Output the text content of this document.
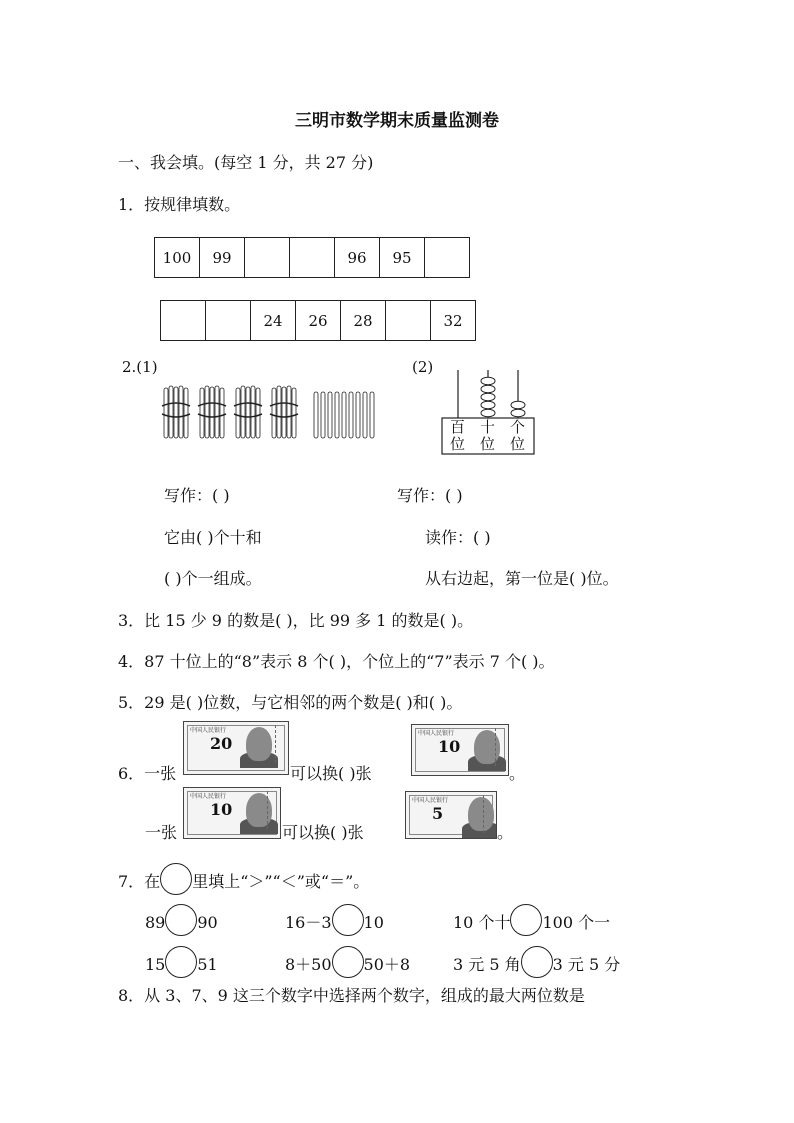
三明市数学期末质量监测卷
一、我会填。(每空 1 分，共 27 分)
1．按规律填数。
100	99			96	95	
		24	26	28		32
2.(1)	(2)
百
位
十
位
个
位
写作：( )	写作：( )
它由( )个十和	读作：( )
( )个一组成。	从右边起，第一位是( )位。
3．比 15 少 9 的数是( )，比 99 多 1 的数是( )。
4．87 十位上的“8”表示 8 个( )，个位上的“7”表示 7 个( )。
5．29 是( )位数，与它相邻的两个数是( )和( )。
6．一张
中国人民银行
20
可以换( )张
中国人民银行
10
。
一张
中国人民银行
10
可以换( )张
中国人民银行
5
。
7．在 里填上“＞”“＜”或“＝”。
89 90	16－3 10	10 个十 100 个一
15 51	8＋50 50＋8	3 元 5 角 3 元 5 分
8．从 3、7、9 这三个数字中选择两个数字，组成的最大两位数是
